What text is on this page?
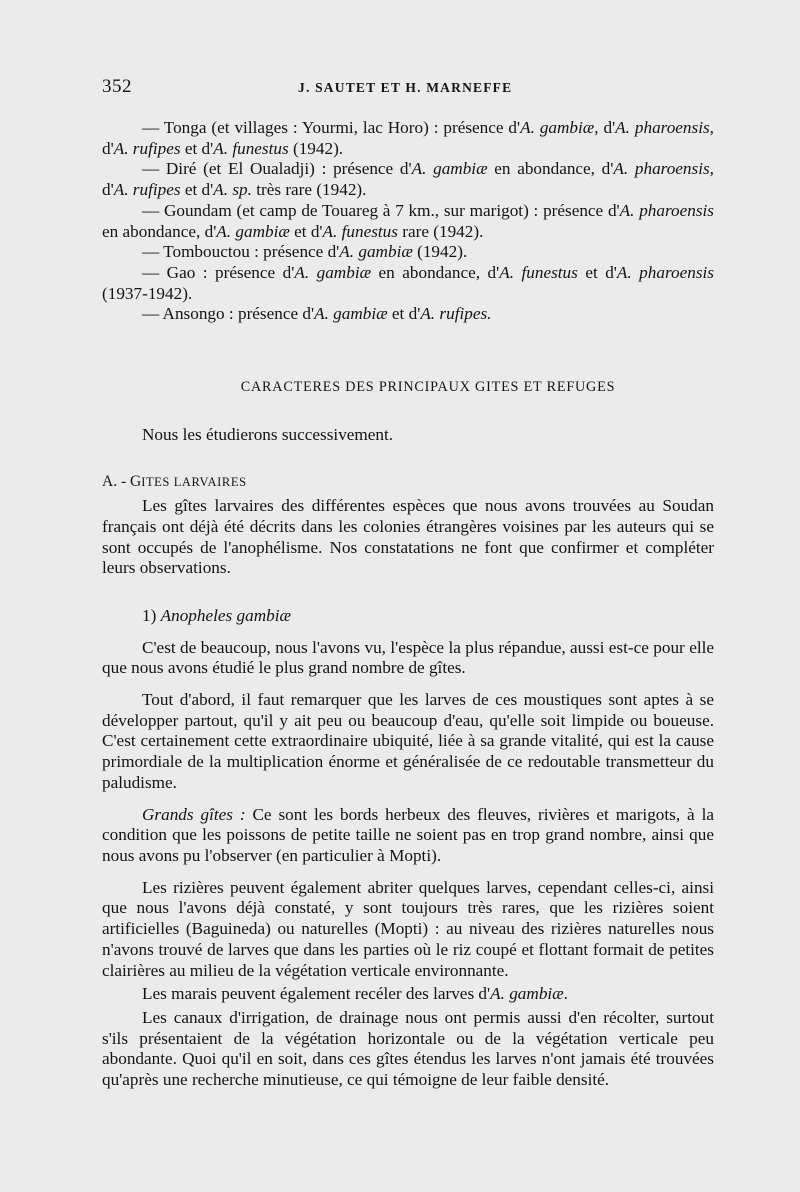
352	J. SAUTET ET H. MARNEFFE

— Tonga (et villages : Yourmi, lac Horo) : présence d'A. gambiæ, d'A. pharoensis, d'A. rufipes et d'A. funestus (1942).

— Diré (et El Oualadji) : présence d'A. gambiæ en abondance, d'A. pharoensis, d'A. rufipes et d'A. sp. très rare (1942).

— Goundam (et camp de Touareg à 7 km., sur marigot) : présence d'A. pharoensis en abondance, d'A. gambiæ et d'A. funestus rare (1942).

— Tombouctou : présence d'A. gambiæ (1942).

— Gao : présence d'A. gambiæ en abondance, d'A. funestus et d'A. pharoensis (1937-1942).

— Ansongo : présence d'A. gambiæ et d'A. rufipes.

CARACTERES DES PRINCIPAUX GITES ET REFUGES

Nous les étudierons successivement.

A. - GITES LARVAIRES

Les gîtes larvaires des différentes espèces que nous avons trouvées au Soudan français ont déjà été décrits dans les colonies étrangères voisines par les auteurs qui se sont occupés de l'anophélisme. Nos constatations ne font que confirmer et compléter leurs observations.

1) Anopheles gambiæ

C'est de beaucoup, nous l'avons vu, l'espèce la plus répandue, aussi est-ce pour elle que nous avons étudié le plus grand nombre de gîtes.

Tout d'abord, il faut remarquer que les larves de ces moustiques sont aptes à se développer partout, qu'il y ait peu ou beaucoup d'eau, qu'elle soit limpide ou boueuse. C'est certainement cette extraordinaire ubiquité, liée à sa grande vitalité, qui est la cause primordiale de la multiplication énorme et généralisée de ce redoutable transmetteur du paludisme.

Grands gîtes : Ce sont les bords herbeux des fleuves, rivières et marigots, à la condition que les poissons de petite taille ne soient pas en trop grand nombre, ainsi que nous avons pu l'observer (en particulier à Mopti).

Les rizières peuvent également abriter quelques larves, cependant celles-ci, ainsi que nous l'avons déjà constaté, y sont toujours très rares, que les rizières soient artificielles (Baguineda) ou naturelles (Mopti) : au niveau des rizières naturelles nous n'avons trouvé de larves que dans les parties où le riz coupé et flottant formait de petites clairières au milieu de la végétation verticale environnante.

Les marais peuvent également recéler des larves d'A. gambiæ.

Les canaux d'irrigation, de drainage nous ont permis aussi d'en récolter, surtout s'ils présentaient de la végétation horizontale ou de la végétation verticale peu abondante. Quoi qu'il en soit, dans ces gîtes étendus les larves n'ont jamais été trouvées qu'après une recherche minutieuse, ce qui témoigne de leur faible densité.
